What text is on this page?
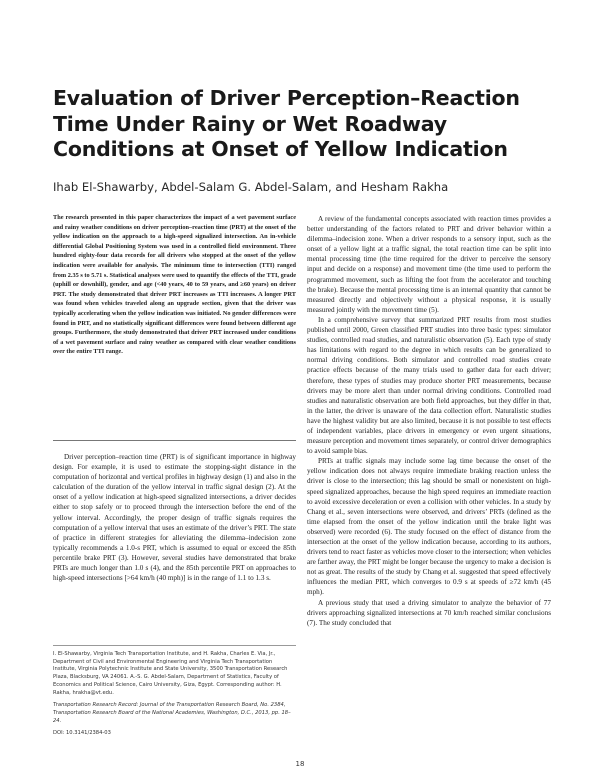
Evaluation of Driver Perception–Reaction
Time Under Rainy or Wet Roadway
Conditions at Onset of Yellow Indication
Ihab El-Shawarby, Abdel-Salam G. Abdel-Salam, and Hesham Rakha
The research presented in this paper characterizes the impact of a wet pavement surface and rainy weather conditions on driver perception–reaction time (PRT) at the onset of the yellow indication on the approach to a high-speed signalized intersection. An in-vehicle differential Global Positioning System was used in a controlled field environment. Three hundred eighty-four data records for all drivers who stopped at the onset of the yellow indication were available for analysis. The minimum time to intersection (TTI) ranged from 2.35 s to 5.71 s. Statistical analyses were used to quantify the effects of the TTI, grade (uphill or downhill), gender, and age (<40 years, 40 to 59 years, and ≥60 years) on driver PRT. The study demonstrated that driver PRT increases as TTI increases. A longer PRT was found when vehicles traveled along an upgrade section, given that the driver was typically accelerating when the yellow indication was initiated. No gender differences were found in PRT, and no statistically significant differences were found between different age groups. Furthermore, the study demonstrated that driver PRT increased under conditions of a wet pavement surface and rainy weather as compared with clear weather conditions over the entire TTI range.

Driver perception–reaction time (PRT) is of significant importance in highway design. For example, it is used to estimate the stopping-sight distance in the computation of horizontal and vertical profiles in highway design (1) and also in the calculation of the duration of the yellow interval in traffic signal design (2). At the onset of a yellow indication at high-speed signalized intersections, a driver decides either to stop safely or to proceed through the intersection before the end of the yellow interval. Accordingly, the proper design of traffic signals requires the computation of a yellow interval that uses an estimate of the driver’s PRT. The state of practice in different strategies for alleviating the dilemma–indecision zone typically recommends a 1.0-s PRT, which is assumed to equal or exceed the 85th percentile brake PRT (3). However, several studies have demonstrated that brake PRTs are much longer than 1.0 s (4), and the 85th percentile PRT on approaches to high-speed intersections [>64 km/h (40 mph)] is in the range of 1.1 to 1.3 s.

I. El-Shawarby, Virginia Tech Transportation Institute, and H. Rakha, Charles E. Via, Jr., Department of Civil and Environmental Engineering and Virginia Tech Transportation Institute, Virginia Polytechnic Institute and State University, 3500 Transportation Research Plaza, Blacksburg, VA 24061. A.-S. G. Abdel-Salam, Department of Statistics, Faculty of Economics and Political Science, Cairo University, Giza, Egypt. Corresponding author: H. Rakha, hrakha@vt.edu.

Transportation Research Record: Journal of the Transportation Research Board, No. 2384, Transportation Research Board of the National Academies, Washington, D.C., 2013, pp. 18–24.

DOI: 10.3141/2384-03

A review of the fundamental concepts associated with reaction times provides a better understanding of the factors related to PRT and driver behavior within a dilemma–indecision zone. When a driver responds to a sensory input, such as the onset of a yellow light at a traffic signal, the total reaction time can be split into mental processing time (the time required for the driver to perceive the sensory input and decide on a response) and movement time (the time used to perform the programmed movement, such as lifting the foot from the accelerator and touching the brake). Because the mental processing time is an internal quantity that cannot be measured directly and objectively without a physical response, it is usually measured jointly with the movement time (5).

In a comprehensive survey that summarized PRT results from most studies published until 2000, Green classified PRT studies into three basic types: simulator studies, controlled road studies, and naturalistic observation (5). Each type of study has limitations with regard to the degree in which results can be generalized to normal driving conditions. Both simulator and controlled road studies create practice effects because of the many trials used to gather data for each driver; therefore, these types of studies may produce shorter PRT measurements, because drivers may be more alert than under normal driving conditions. Controlled road studies and naturalistic observation are both field approaches, but they differ in that, in the latter, the driver is unaware of the data collection effort. Naturalistic studies have the highest validity but are also limited, because it is not possible to test effects of independent variables, place drivers in emergency or even urgent situations, measure perception and movement times separately, or control driver demographics to avoid sample bias.

PRTs at traffic signals may include some lag time because the onset of the yellow indication does not always require immediate braking reaction unless the driver is close to the intersection; this lag should be small or nonexistent on high-speed signalized approaches, because the high speed requires an immediate reaction to avoid excessive deceleration or even a collision with other vehicles. In a study by Chang et al., seven intersections were observed, and drivers’ PRTs (defined as the time elapsed from the onset of the yellow indication until the brake light was observed) were recorded (6). The study focused on the effect of distance from the intersection at the onset of the yellow indication because, according to its authors, drivers tend to react faster as vehicles move closer to the intersection; when vehicles are farther away, the PRT might be longer because the urgency to make a decision is not as great. The results of the study by Chang et al. suggested that speed effectively influences the median PRT, which converges to 0.9 s at speeds of ≥72 km/h (45 mph).

A previous study that used a driving simulator to analyze the behavior of 77 drivers approaching signalized intersections at 70 km/h reached similar conclusions (7). The study concluded that

18
